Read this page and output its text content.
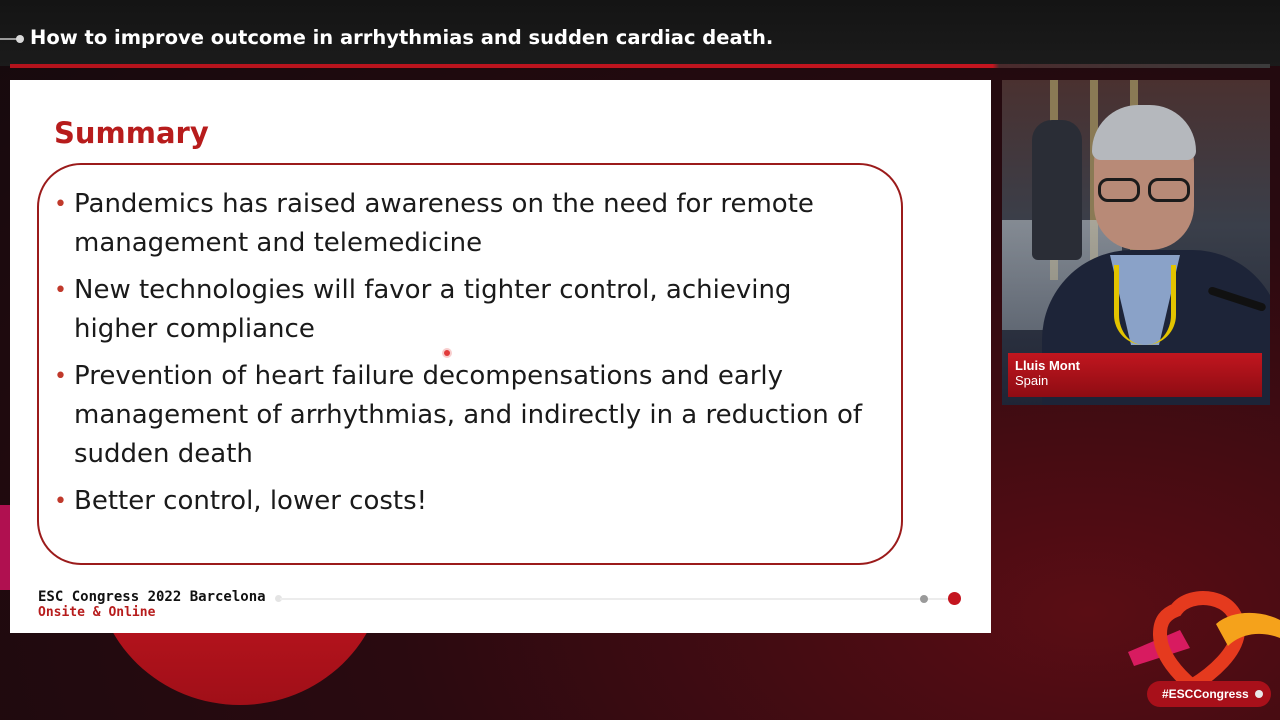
How to improve outcome in arrhythmias and sudden cardiac death.
Summary
• Pandemics has raised awareness on the need for remote management and telemedicine
• New technologies will favor a tighter control, achieving higher compliance
• Prevention of heart failure decompensations and early management of arrhythmias, and indirectly in a reduction of sudden death
• Better control, lower costs!
ESC Congress 2022 Barcelona
Onsite & Online
Lluis Mont
Spain
#ESCCongress
